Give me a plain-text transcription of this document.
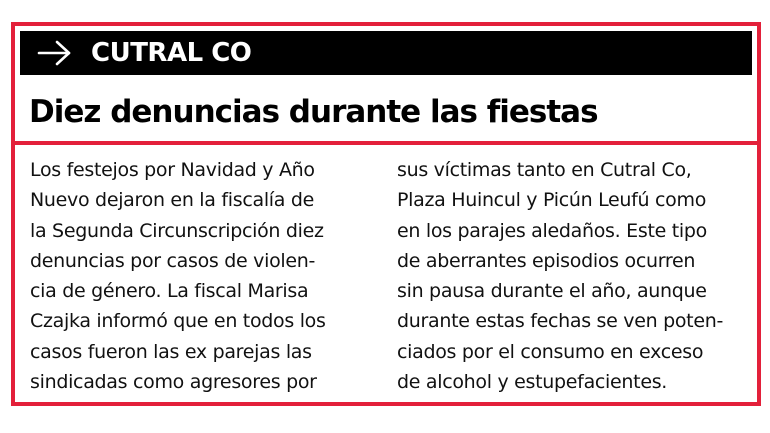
CUTRAL CO
Diez denuncias durante las fiestas
Los festejos por Navidad y Año
Nuevo dejaron en la fiscalía de
la Segunda Circunscripción diez
denuncias por casos de violen-
cia de género. La fiscal Marisa
Czajka informó que en todos los
casos fueron las ex parejas las
sindicadas como agresores por
sus víctimas tanto en Cutral Co,
Plaza Huincul y Picún Leufú como
en los parajes aledaños. Este tipo
de aberrantes episodios ocurren
sin pausa durante el año, aunque
durante estas fechas se ven poten-
ciados por el consumo en exceso
de alcohol y estupefacientes.
